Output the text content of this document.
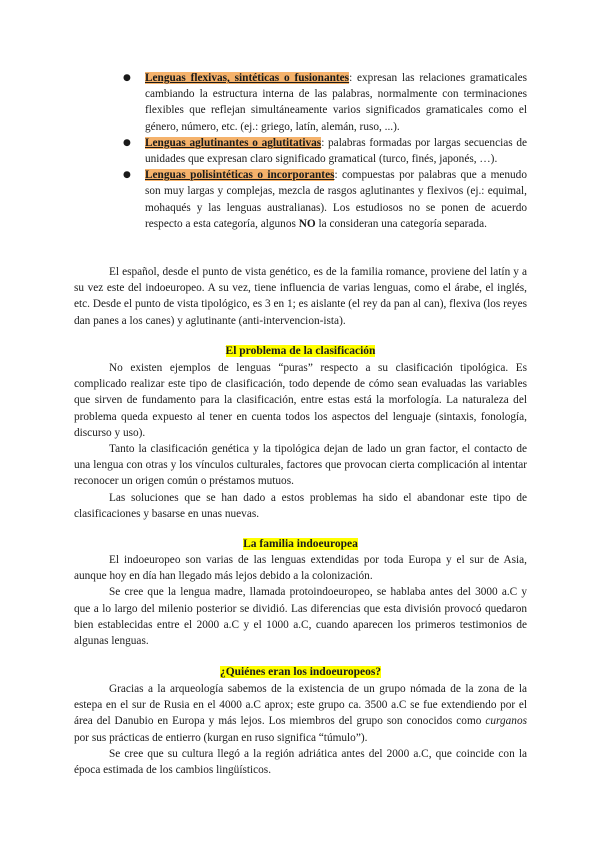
● Lenguas flexivas, sintéticas o fusionantes: expresan las relaciones gramaticales cambiando la estructura interna de las palabras, normalmente con terminaciones flexibles que reflejan simultáneamente varios significados gramaticales como el género, número, etc. (ej.: griego, latín, alemán, ruso, ...).
● Lenguas aglutinantes o aglutitativas: palabras formadas por largas secuencias de unidades que expresan claro significado gramatical (turco, finés, japonés, …).
● Lenguas polisintéticas o incorporantes: compuestas por palabras que a menudo son muy largas y complejas, mezcla de rasgos aglutinantes y flexivos (ej.: equimal, mohaqués y las lenguas australianas). Los estudiosos no se ponen de acuerdo respecto a esta categoría, algunos NO la consideran una categoría separada.

El español, desde el punto de vista genético, es de la familia romance, proviene del latín y a su vez este del indoeuropeo. A su vez, tiene influencia de varias lenguas, como el árabe, el inglés, etc. Desde el punto de vista tipológico, es 3 en 1; es aislante (el rey da pan al can), flexiva (los reyes dan panes a los canes) y aglutinante (anti-intervencion-ista).

El problema de la clasificación

No existen ejemplos de lenguas “puras” respecto a su clasificación tipológica. Es complicado realizar este tipo de clasificación, todo depende de cómo sean evaluadas las variables que sirven de fundamento para la clasificación, entre estas está la morfología. La naturaleza del problema queda expuesto al tener en cuenta todos los aspectos del lenguaje (sintaxis, fonología, discurso y uso).

Tanto la clasificación genética y la tipológica dejan de lado un gran factor, el contacto de una lengua con otras y los vínculos culturales, factores que provocan cierta complicación al intentar reconocer un origen común o préstamos mutuos.

Las soluciones que se han dado a estos problemas ha sido el abandonar este tipo de clasificaciones y basarse en unas nuevas.

La familia indoeuropea

El indoeuropeo son varias de las lenguas extendidas por toda Europa y el sur de Asia, aunque hoy en día han llegado más lejos debido a la colonización.

Se cree que la lengua madre, llamada protoindoeuropeo, se hablaba antes del 3000 a.C y que a lo largo del milenio posterior se dividió. Las diferencias que esta división provocó quedaron bien establecidas entre el 2000 a.C y el 1000 a.C, cuando aparecen los primeros testimonios de algunas lenguas.

¿Quiénes eran los indoeuropeos?

Gracias a la arqueología sabemos de la existencia de un grupo nómada de la zona de la estepa en el sur de Rusia en el 4000 a.C aprox; este grupo ca. 3500 a.C se fue extendiendo por el área del Danubio en Europa y más lejos. Los miembros del grupo son conocidos como curganos por sus prácticas de entierro (kurgan en ruso significa “túmulo”).

Se cree que su cultura llegó a la región adriática antes del 2000 a.C, que coincide con la época estimada de los cambios lingüísticos.
